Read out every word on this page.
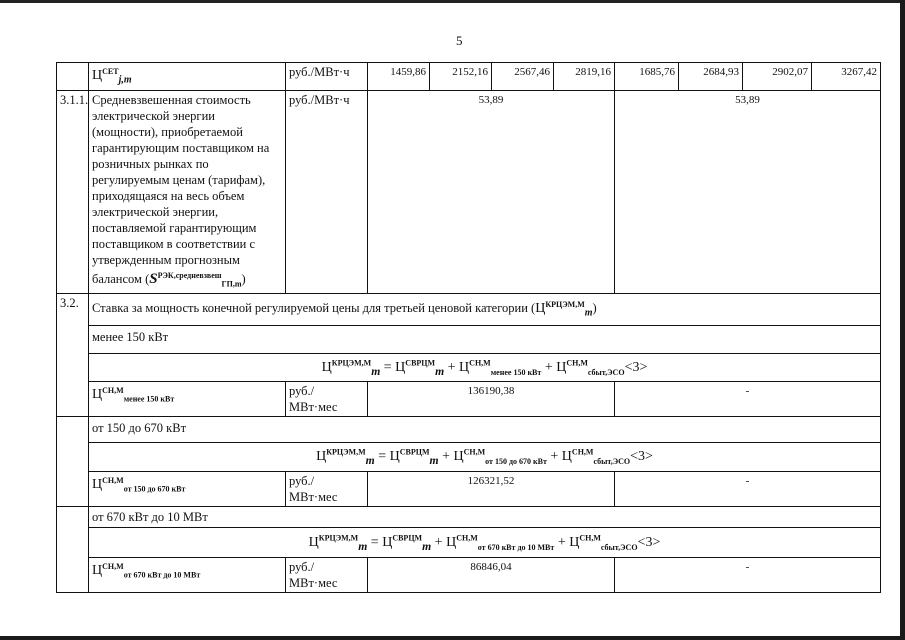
5
	$Ц^{СЕТ}_{j,m}$	руб./МВт·ч	1459,86	2152,16	2567,46	2819,16	1685,76	2684,93	2902,07	3267,42
3.1.1.	Средневзвешенная стоимость электрической энергии (мощности), приобретаемой гарантирующим поставщиком на розничных рынках по регулируемым ценам (тарифам), приходящаяся на весь объем электрической энергии, поставляемой гарантирующим поставщиком в соответствии с утвержденным прогнозным балансом $(S^{РЭК,средневзвеш}_{ГП,m})$	руб./МВт·ч	53,89				53,89			
3.2.	Ставка за мощность конечной регулируемой цены для третьей ценовой категории $(Ц^{КРЦЭМ,М}_m)$									
	менее 150 кВт									
	$Ц^{КРЦЭМ,М}_m = Ц^{СВРЦМ}_m + Ц^{СН,М}_{менее 150 кВт} + Ц^{СН,М}_{сбыт,ЭСО}<3>$									
	$Ц^{СН,М}_{менее 150 кВт}$	руб./ МВт·мес	136190,38				-			
	от 150 до 670 кВт									
	$Ц^{КРЦЭМ,М}_m = Ц^{СВРЦМ}_m + Ц^{СН,М}_{от 150 до 670 кВт} + Ц^{СН,М}_{сбыт,ЭСО}<3>$									
	$Ц^{СН,М}_{от 150 до 670 кВт}$	руб./ МВт·мес	126321,52				-			
	от 670 кВт до 10 МВт									
	$Ц^{КРЦЭМ,М}_m = Ц^{СВРЦМ}_m + Ц^{СН,М}_{от 670 кВт до 10 МВт} + Ц^{СН,М}_{сбыт,ЭСО}<3>$									
	$Ц^{СН,М}_{от 670 кВт до 10 МВт}$	руб./ МВт·мес	86846,04				-			
